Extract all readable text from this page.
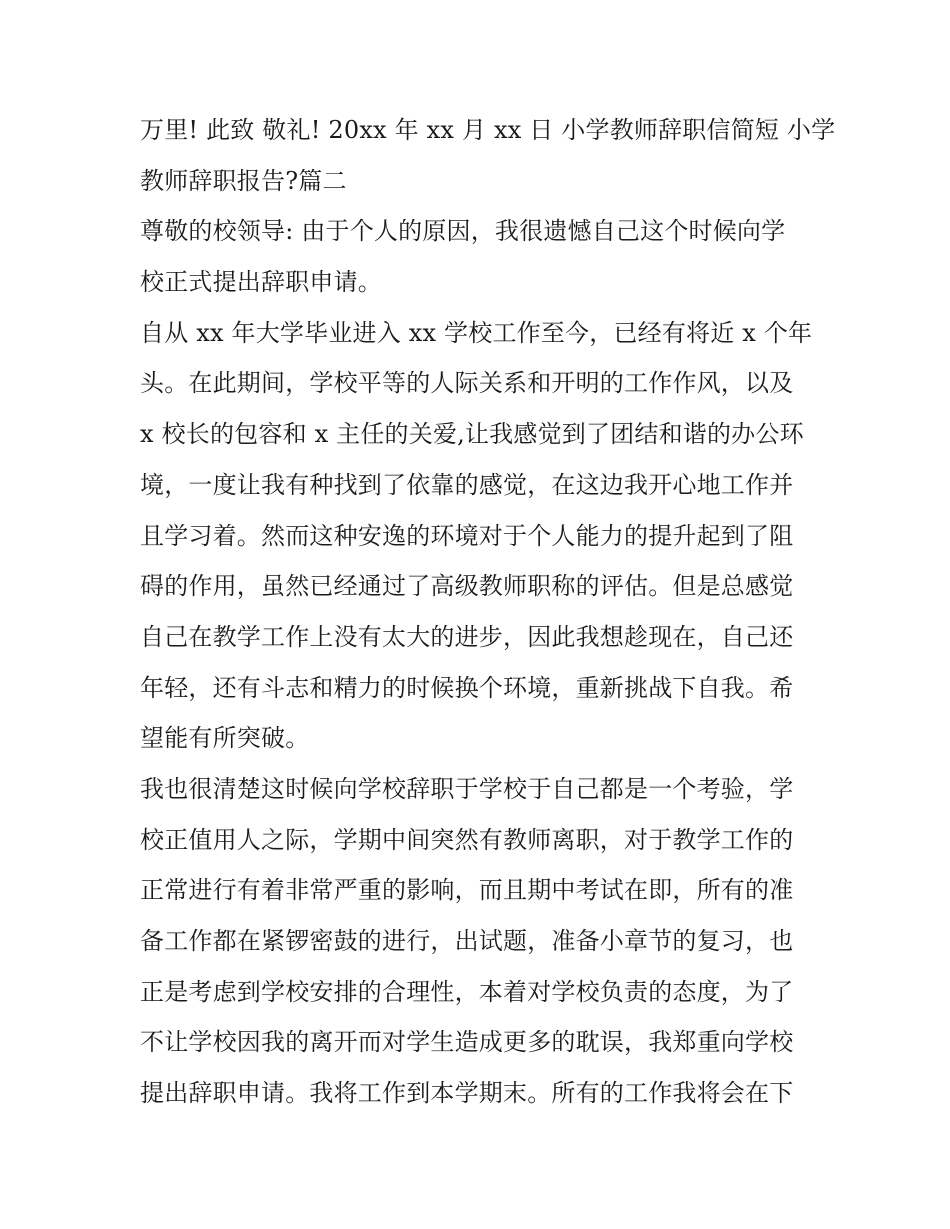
万里! 此致 敬礼! 20xx 年 xx 月 xx 日 小学教师辞职信简短 小学
教师辞职报告?篇二
尊敬的校领导: 由于个人的原因，我很遗憾自己这个时候向学
校正式提出辞职申请。
自从 xx 年大学毕业进入 xx 学校工作至今，已经有将近 x 个年
头。在此期间，学校平等的人际关系和开明的工作作风，以及
x 校长的包容和 x 主任的关爱,让我感觉到了团结和谐的办公环
境，一度让我有种找到了依靠的感觉，在这边我开心地工作并
且学习着。然而这种安逸的环境对于个人能力的提升起到了阻
碍的作用，虽然已经通过了高级教师职称的评估。但是总感觉
自己在教学工作上没有太大的进步，因此我想趁现在，自己还
年轻，还有斗志和精力的时候换个环境，重新挑战下自我。希
望能有所突破。
我也很清楚这时候向学校辞职于学校于自己都是一个考验，学
校正值用人之际，学期中间突然有教师离职，对于教学工作的
正常进行有着非常严重的影响，而且期中考试在即，所有的准
备工作都在紧锣密鼓的进行，出试题，准备小章节的复习，也
正是考虑到学校安排的合理性，本着对学校负责的态度，为了
不让学校因我的离开而对学生造成更多的耽误，我郑重向学校
提出辞职申请。我将工作到本学期末。所有的工作我将会在下
